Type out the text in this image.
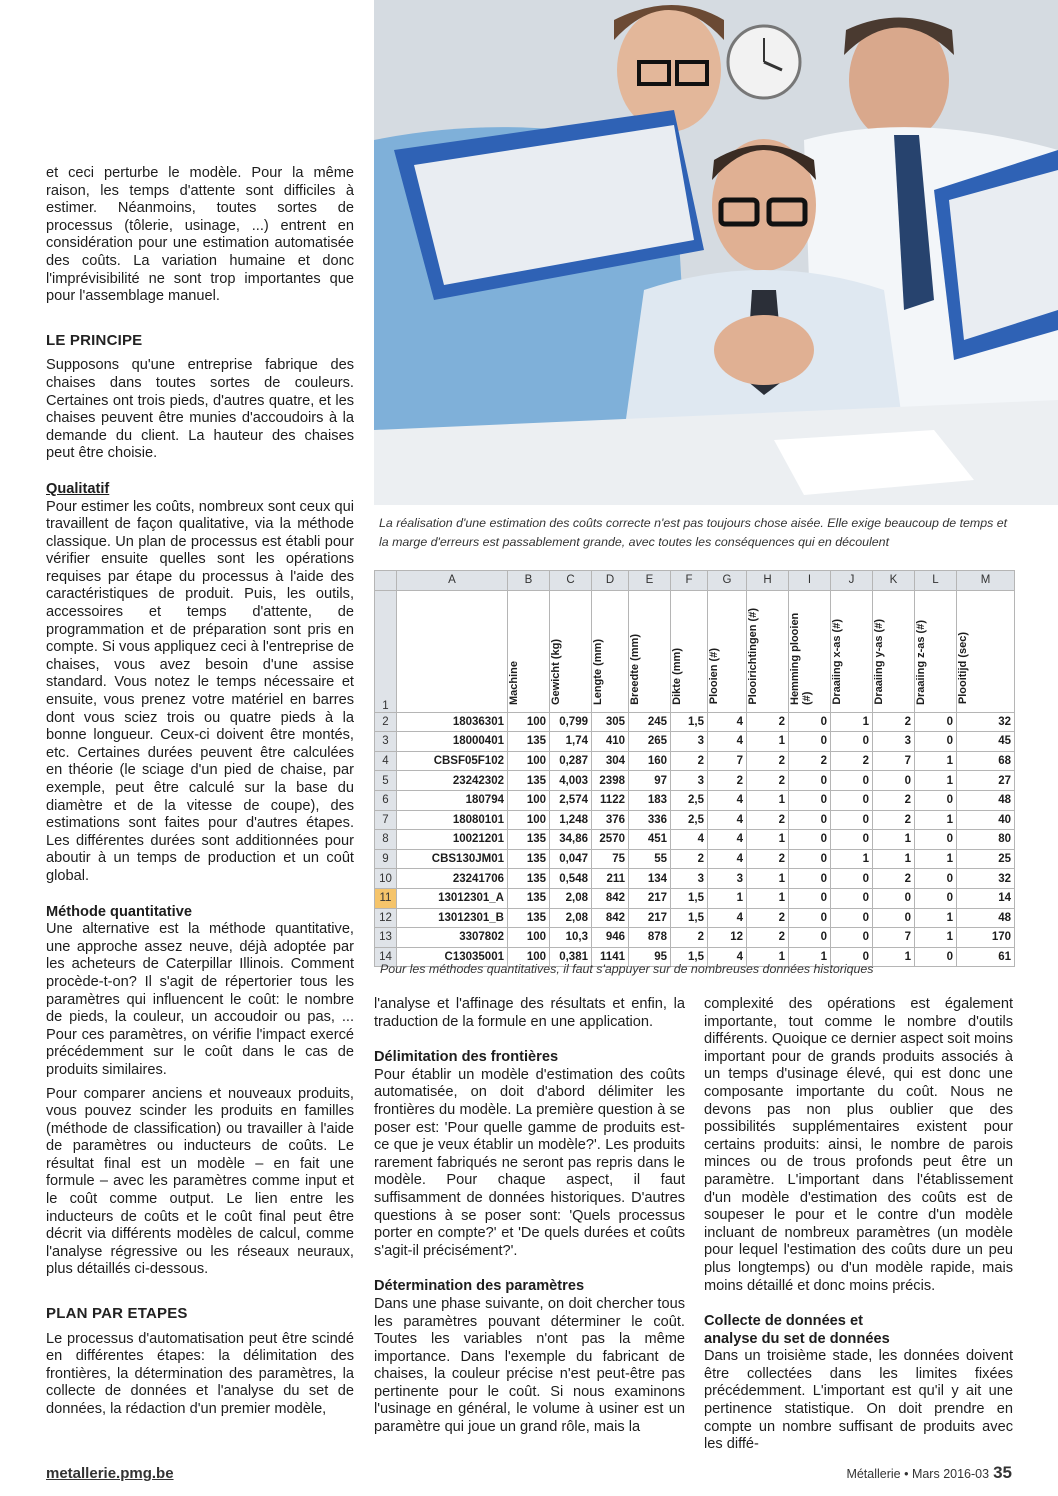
et ceci perturbe le modèle. Pour la même raison, les temps d'attente sont difficiles à estimer. Néanmoins, toutes sortes de processus (tôlerie, usinage, ...) entrent en considération pour une estimation automatisée des coûts. La variation humaine et donc l'imprévisibilité ne sont trop importantes que pour l'assemblage manuel.

LE PRINCIPE

Supposons qu'une entreprise fabrique des chaises dans toutes sortes de couleurs. Certaines ont trois pieds, d'autres quatre, et les chaises peuvent être munies d'accoudoirs à la demande du client. La hauteur des chaises peut être choisie.

Qualitatif

Pour estimer les coûts, nombreux sont ceux qui travaillent de façon qualitative, via la méthode classique. Un plan de processus est établi pour vérifier ensuite quelles sont les opérations requises par étape du processus à l'aide des caractéristiques de produit. Puis, les outils, accessoires et temps d'attente, de programmation et de préparation sont pris en compte. Si vous appliquez ceci à l'entreprise de chaises, vous avez besoin d'une assise standard. Vous notez le temps nécessaire et ensuite, vous prenez votre matériel en barres dont vous sciez trois ou quatre pieds à la bonne longueur. Ceux-ci doivent être montés, etc. Certaines durées peuvent être calculées en théorie (le sciage d'un pied de chaise, par exemple, peut être calculé sur la base du diamètre et de la vitesse de coupe), des estimations sont faites pour d'autres étapes. Les différentes durées sont additionnées pour aboutir à un temps de production et un coût global.

Méthode quantitative

Une alternative est la méthode quantitative, une approche assez neuve, déjà adoptée par les acheteurs de Caterpillar Illinois. Comment procède-t-on? Il s'agit de répertorier tous les paramètres qui influencent le coût: le nombre de pieds, la couleur, un accoudoir ou pas, ... Pour ces paramètres, on vérifie l'impact exercé précédemment sur le coût dans le cas de produits similaires.

Pour comparer anciens et nouveaux produits, vous pouvez scinder les produits en familles (méthode de classification) ou travailler à l'aide de paramètres ou inducteurs de coûts. Le résultat final est un modèle – en fait une formule – avec les paramètres comme input et le coût comme output. Le lien entre les inducteurs de coûts et le coût final peut être décrit via différents modèles de calcul, comme l'analyse régressive ou les réseaux neuraux, plus détaillés ci-dessous.

PLAN PAR ETAPES

Le processus d'automatisation peut être scindé en différentes étapes: la délimitation des frontières, la détermination des paramètres, la collecte de données et l'analyse du set de données, la rédaction d'un premier modèle,

La réalisation d'une estimation des coûts correcte n'est pas toujours chose aisée. Elle exige beaucoup de temps et la marge d'erreurs est passablement grande, avec toutes les conséquences qui en découlent
	A	B	C	D	E	F	G	H	I	J	K	L	M
1		Machine	Gewicht (kg)	Lengte (mm)	Breedte (mm)	Dikte (mm)	Plooien (#)	Plooirichtingen (#)	Hemming plooien (#)	Draaiing x-as (#)	Draaiing y-as (#)	Draaiing z-as (#)	Plooitijd (sec)
2	18036301	100	0,799	305	245	1,5	4	2	0	1	2	0	32
3	18000401	135	1,74	410	265	3	4	1	0	0	3	0	45
4	CBSF05F102	100	0,287	304	160	2	7	2	2	2	7	1	68
5	23242302	135	4,003	2398	97	3	2	2	0	0	0	1	27
6	180794	100	2,574	1122	183	2,5	4	1	0	0	2	0	48
7	18080101	100	1,248	376	336	2,5	4	2	0	0	2	1	40
8	10021201	135	34,86	2570	451	4	4	1	0	0	1	0	80
9	CBS130JM01	135	0,047	75	55	2	4	2	0	1	1	1	25
10	23241706	135	0,548	211	134	3	3	1	0	0	2	0	32
11	13012301_A	135	2,08	842	217	1,5	1	1	0	0	0	0	14
12	13012301_B	135	2,08	842	217	1,5	4	2	0	0	0	1	48
13	3307802	100	10,3	946	878	2	12	2	0	0	7	1	170
14	C13035001	100	0,381	1141	95	1,5	4	1	1	0	1	0	61
Pour les méthodes quantitatives, il faut s'appuyer sur de nombreuses données historiques

l'analyse et l'affinage des résultats et enfin, la traduction de la formule en une application.

Délimitation des frontières

Pour établir un modèle d'estimation des coûts automatisée, on doit d'abord délimiter les frontières du modèle. La première question à se poser est: 'Pour quelle gamme de produits est-ce que je veux établir un modèle?'. Les produits rarement fabriqués ne seront pas repris dans le modèle. Pour chaque aspect, il faut suffisamment de données historiques. D'autres questions à se poser sont: 'Quels processus porter en compte?' et 'De quels durées et coûts s'agit-il précisément?'.

Détermination des paramètres

Dans une phase suivante, on doit chercher tous les paramètres pouvant déterminer le coût. Toutes les variables n'ont pas la même importance. Dans l'exemple du fabricant de chaises, la couleur précise n'est peut-être pas pertinente pour le coût. Si nous examinons l'usinage en général, le volume à usiner est un paramètre qui joue un grand rôle, mais la

complexité des opérations est également importante, tout comme le nombre d'outils différents. Quoique ce dernier aspect soit moins important pour de grands produits associés à un temps d'usinage élevé, qui est donc une composante importante du coût. Nous ne devons pas non plus oublier que des possibilités supplémentaires existent pour certains produits: ainsi, le nombre de parois minces ou de trous profonds peut être un paramètre. L'important dans l'établissement d'un modèle d'estimation des coûts est de soupeser le pour et le contre d'un modèle incluant de nombreux paramètres (un modèle pour lequel l'estimation des coûts dure un peu plus longtemps) ou d'un modèle rapide, mais moins détaillé et donc moins précis.

Collecte de données et analyse du set de données

Dans un troisième stade, les données doivent être collectées dans les limites fixées précédemment. L'important est qu'il y ait une pertinence statistique. On doit prendre en compte un nombre suffisant de produits avec les diffé-

metallerie.pmg.be	Métallerie • Mars 2016-03 35
